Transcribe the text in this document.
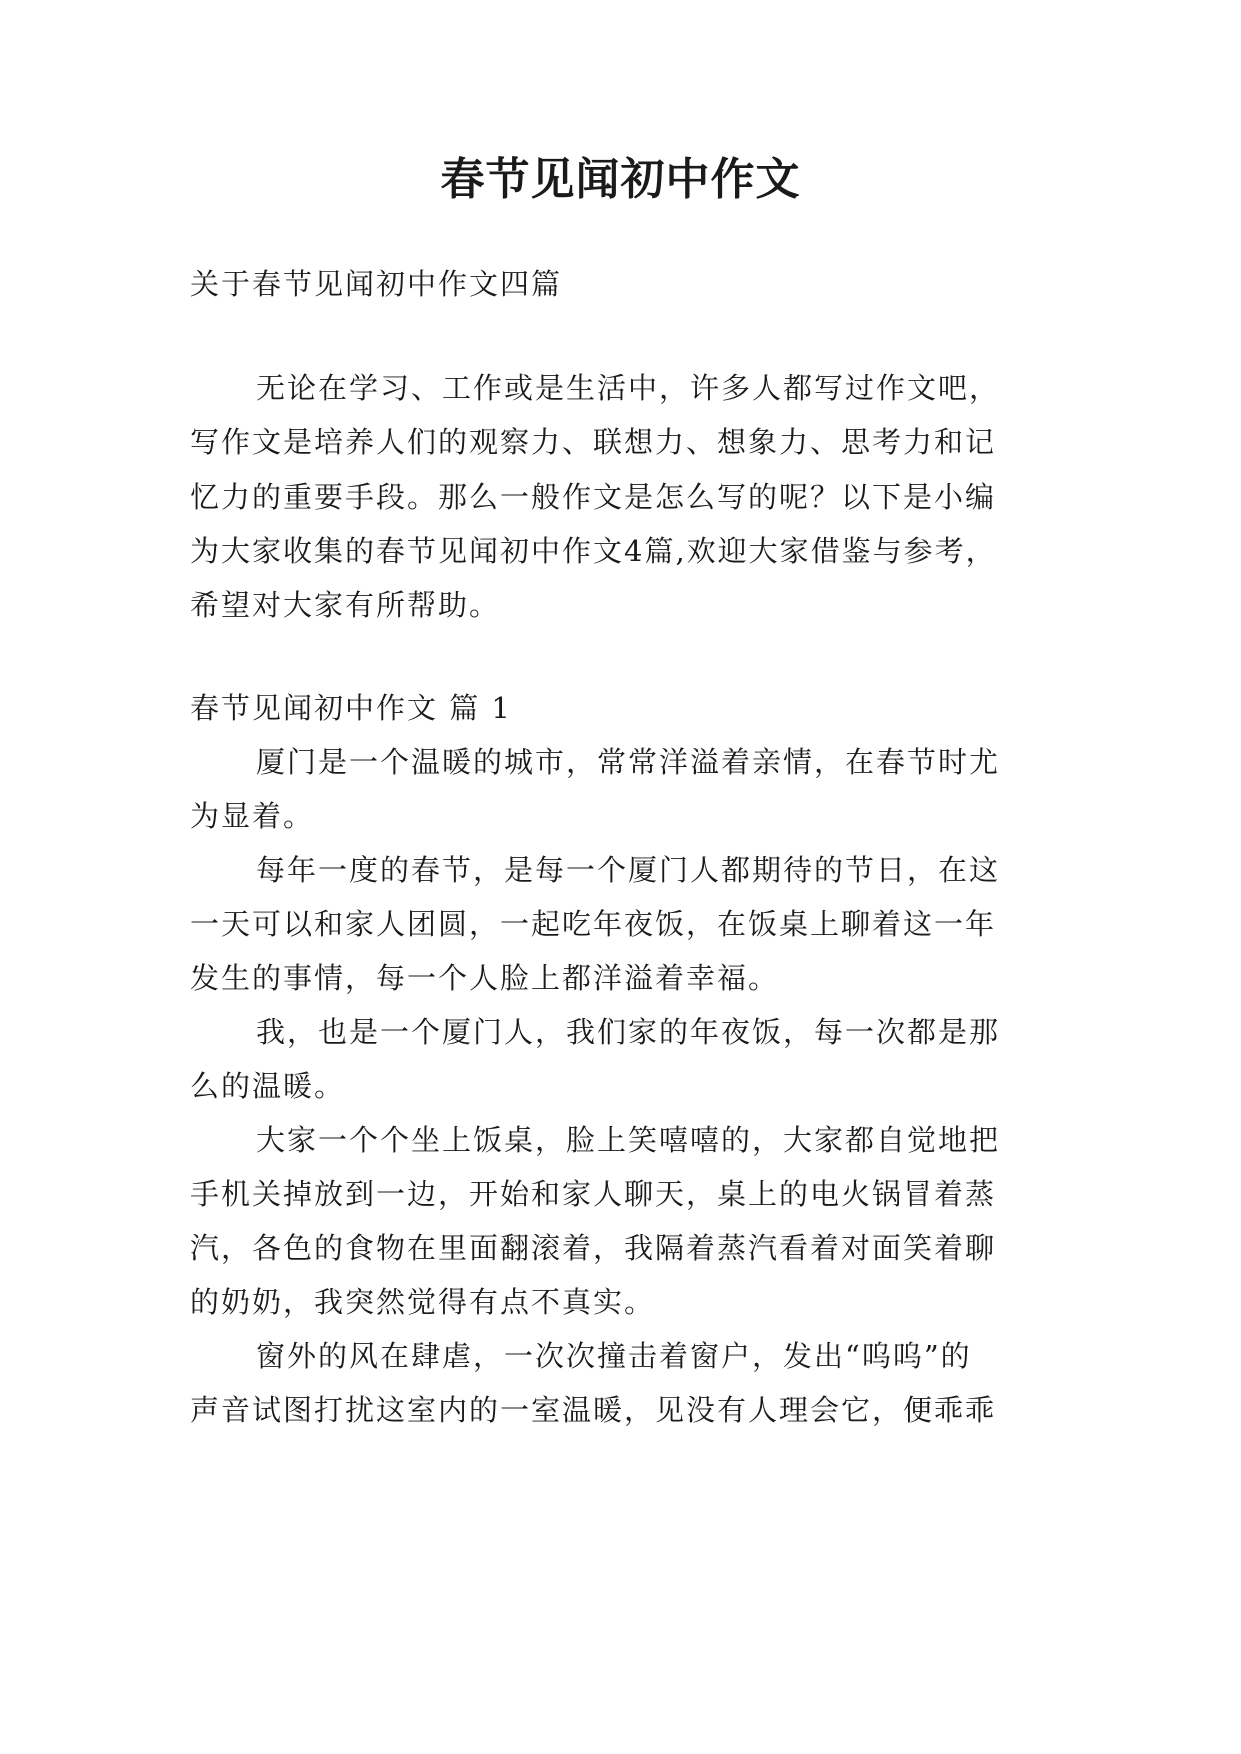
春节见闻初中作文
关于春节见闻初中作文四篇
无论在学习、工作或是生活中，许多人都写过作文吧，
写作文是培养人们的观察力、联想力、想象力、思考力和记
忆力的重要手段。那么一般作文是怎么写的呢？以下是小编
为大家收集的春节见闻初中作文4篇,欢迎大家借鉴与参考，
希望对大家有所帮助。
春节见闻初中作文 篇 1
厦门是一个温暖的城市，常常洋溢着亲情，在春节时尤
为显着。
每年一度的春节，是每一个厦门人都期待的节日，在这
一天可以和家人团圆，一起吃年夜饭，在饭桌上聊着这一年
发生的事情，每一个人脸上都洋溢着幸福。
我，也是一个厦门人，我们家的年夜饭，每一次都是那
么的温暖。
大家一个个坐上饭桌，脸上笑嘻嘻的，大家都自觉地把
手机关掉放到一边，开始和家人聊天，桌上的电火锅冒着蒸
汽，各色的食物在里面翻滚着，我隔着蒸汽看着对面笑着聊
的奶奶，我突然觉得有点不真实。
窗外的风在肆虐，一次次撞击着窗户，发出“呜呜”的
声音试图打扰这室内的一室温暖，见没有人理会它，便乖乖
